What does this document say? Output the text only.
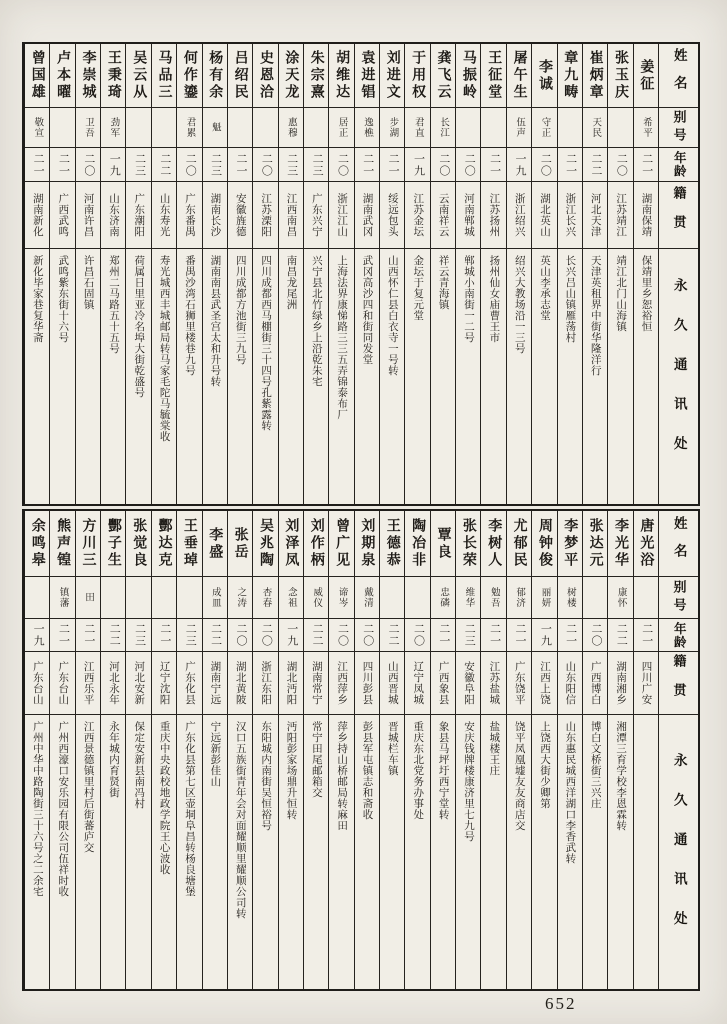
姓名
别号
年龄
籍贯
永久通讯处
姜征
希平
二一
湖南保靖
保靖里乡恕裕恒
张玉庆
二〇
江苏靖江
靖江北门山海镇
崔炳章
天民
二二
河北天津
天津英租界中街华隆洋行
章九畴
二一
浙江长兴
长兴吕山镇雁荡村
李诚
守正
二〇
湖北英山
英山李承志堂
屠午生
伍声
一九
浙江绍兴
绍兴大教场沿一三号
王征堂
二一
江苏扬州
扬州仙女庙曹王市
马振岭
二〇
河南郸城
郸城小南街一二号
龚飞云
长江
二〇
云南祥云
祥云青海镇
于用权
君直
一九
江苏金坛
金坛于复元堂
刘进文
步湖
二一
绥远包头
山西怀仁县白衣寺一号转
袁进锠
逸樵
二一
湖南武冈
武冈高沙四和街同发堂
胡维达
居正
二〇
浙江江山
上海法界康悌路三三五弄锦泰布厂
朱宗熹
二三
广东兴宁
兴宁县北竹绿乡上沿乾朱宅
涂天龙
惠穆
二三
江西南昌
南昌龙尾洲
史恩洽
二〇
江苏溧阳
四川成都西马棚街三十四号孔紫露转
吕绍民
二一
安徽旌德
四川成都方池街三九号
杨有余
魁
二三
湖南长沙
湖南南县武圣宫太和升号转
何作鎏
君累
二〇
广东番禺
番禺沙湾石狮里楼巷九号
马品三
二二
山东寿光
寿光城西丰城邮局转马家毛陀马毓棠收
吴云从
二三
广东潮阳
荷属日里亚冷名埠大街乾盛号
王秉琦
劲军
一九
山东济南
郑州二马路五十五号
李崇城
卫吾
二〇
河南许昌
许昌石固镇
卢本曜
二一
广西武鸣
武鸣紫东街十六号
曾国雄
敬宣
二一
湖南新化
新化毕家巷复华斋
姓名
别号
年龄
籍贯
永久通讯处
唐光浴
二一
四川广安
李光华
康怀
二二
湖南湘乡
湘潭三育学校李恩霖转
张达元
二〇
广西博白
博白文桥街三兴庄
李梦平
树楼
二一
山东阳信
山东惠民城西洋湖口李香武转
周钟俊
丽妍
一九
江西上饶
上饶西大街少卿第
尤郁民
郁济
二一
广东饶平
饶平凤凰墟友友商店交
李树人
勉吾
二一
江苏盐城
盐城楼王庄
张长荣
维华
二三
安徽阜阳
安庆钱牌楼康济里七九号
覃良
忠磷
二一
广西象县
象县马坪圩西宁堂转
陶冶非
二〇
辽宁凤城
重庆东北党务办事处
王德恭
二二
山西晋城
晋城栏车镇
刘期泉
戴清
二〇
四川彭县
彭县军屯镇志和斋收
曾广见
谛岑
二〇
江西萍乡
萍乡持山桥邮局转麻田
刘作柄
威仪
二二
湖南常宁
常宁田尾邮箱交
刘泽凤
念祖
一九
湖北沔阳
沔阳彭家场鼎升恒转
吴兆陶
杏春
二〇
浙江东阳
东阳城内南街吴恒裕号
张岳
之涛
二〇
湖北黄陂
汉口五族街青年会对面耀顺里耀顺公司转
李盛
成皿
二二
湖南宁远
宁远新彭佳山
王垂琸
二三
广东化县
广东化县第七区壶垌阜昌转杨良塘堡
酆达克
二一
辽宁沈阳
重庆中央政校地政学院王心波收
张觉良
二三
河北安新
保定安新县南冯村
酆子生
二二
河北永年
永年城内育贤街
方川三
田
二一
江西乐平
江西景德镇里村后街蕃庐交
熊声锽
镇藩
二一
广东台山
广州西濠口安乐园有限公司伍祥时收
余鸣皋
一九
广东台山
广州中华中路陶街三十六号之二余宅
652
